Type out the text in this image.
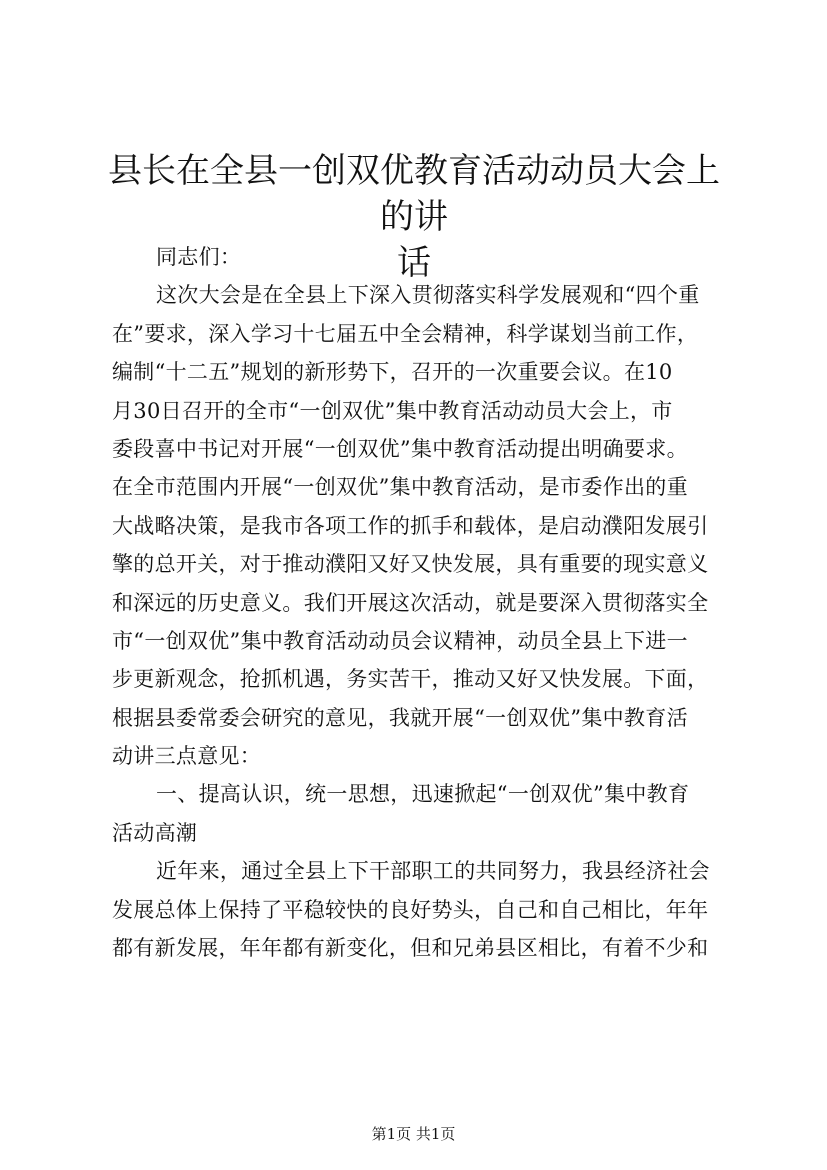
县长在全县一创双优教育活动动员大会上的讲
话
同志们：
这次大会是在全县上下深入贯彻落实科学发展观和“四个重
在”要求，深入学习十七届五中全会精神，科学谋划当前工作，
编制“十二五”规划的新形势下，召开的一次重要会议。在10
月30日召开的全市“一创双优”集中教育活动动员大会上，市
委段喜中书记对开展“一创双优”集中教育活动提出明确要求。
在全市范围内开展“一创双优”集中教育活动，是市委作出的重
大战略决策，是我市各项工作的抓手和载体，是启动濮阳发展引
擎的总开关，对于推动濮阳又好又快发展，具有重要的现实意义
和深远的历史意义。我们开展这次活动，就是要深入贯彻落实全
市“一创双优”集中教育活动动员会议精神，动员全县上下进一
步更新观念，抢抓机遇，务实苦干，推动又好又快发展。下面，
根据县委常委会研究的意见，我就开展“一创双优”集中教育活
动讲三点意见：
一、提高认识，统一思想，迅速掀起“一创双优”集中教育
活动高潮
近年来，通过全县上下干部职工的共同努力，我县经济社会
发展总体上保持了平稳较快的良好势头，自己和自己相比，年年
都有新发展，年年都有新变化，但和兄弟县区相比，有着不少和
第1页 共1页
